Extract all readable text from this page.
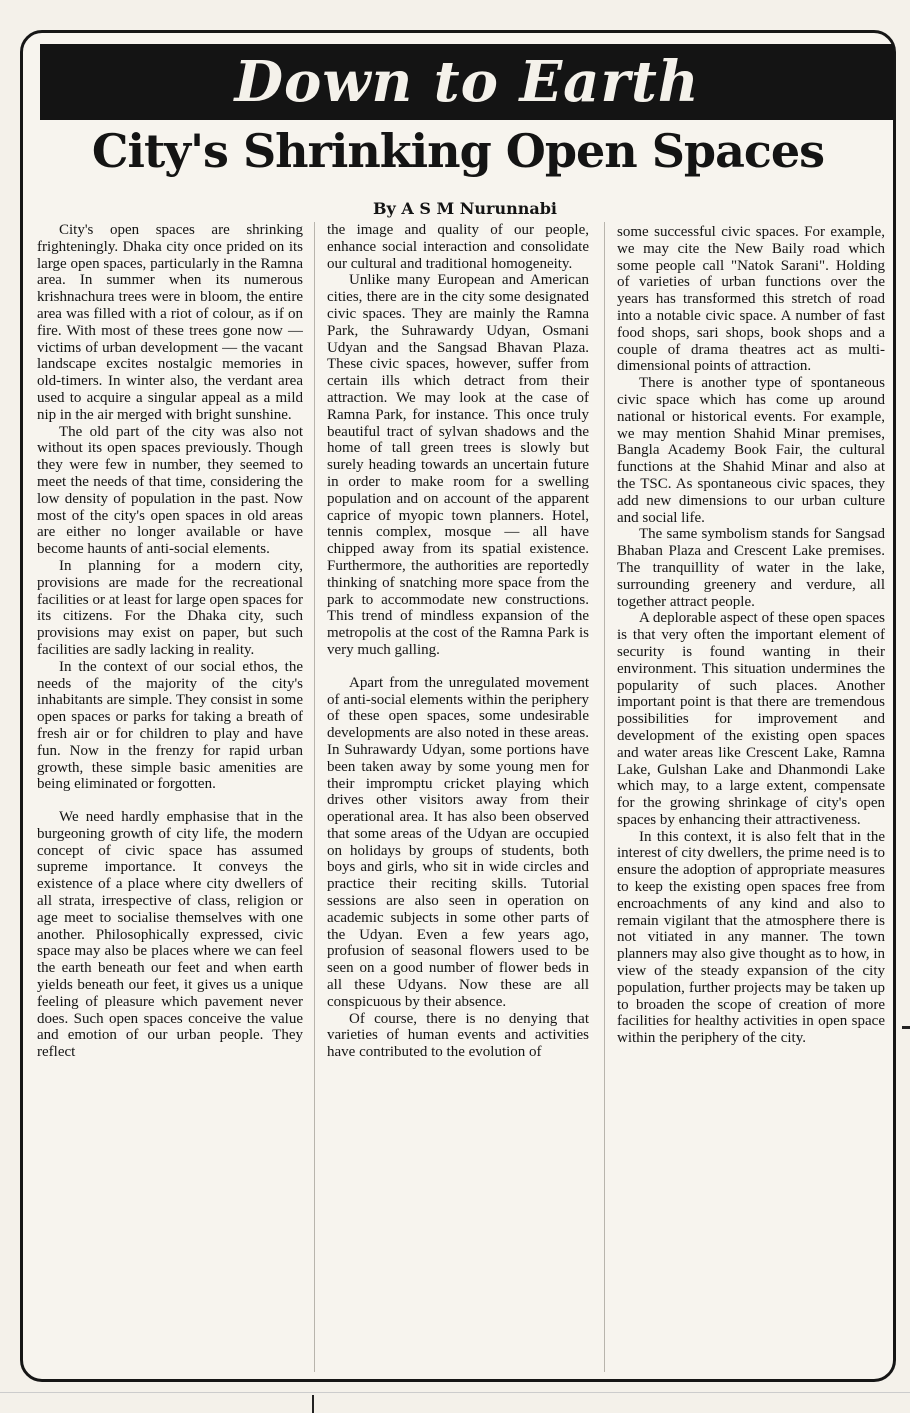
Down to Earth
City's Shrinking Open Spaces
By A S M Nurunnabi

City's open spaces are shrinking frighteningly. Dhaka city once prided on its large open spaces, particularly in the Ramna area. In summer when its numerous krishnachura trees were in bloom, the entire area was filled with a riot of colour, as if on fire. With most of these trees gone now — victims of urban development — the vacant landscape excites nostalgic memories in old-timers. In winter also, the verdant area used to acquire a singular appeal as a mild nip in the air merged with bright sunshine.

The old part of the city was also not without its open spaces previously. Though they were few in number, they seemed to meet the needs of that time, considering the low density of population in the past. Now most of the city's open spaces in old areas are either no longer available or have become haunts of anti-social elements.

In planning for a modern city, provisions are made for the recreational facilities or at least for large open spaces for its citizens. For the Dhaka city, such provisions may exist on paper, but such facilities are sadly lacking in reality.

In the context of our social ethos, the needs of the majority of the city's inhabitants are simple. They consist in some open spaces or parks for taking a breath of fresh air or for children to play and have fun. Now in the frenzy for rapid urban growth, these simple basic amenities are being eliminated or forgotten.

We need hardly emphasise that in the burgeoning growth of city life, the modern concept of civic space has assumed supreme importance. It conveys the existence of a place where city dwellers of all strata, irrespective of class, religion or age meet to socialise themselves with one another. Philosophically expressed, civic space may also be places where we can feel the earth beneath our feet and when earth yields beneath our feet, it gives us a unique feeling of pleasure which pavement never does. Such open spaces conceive the value and emotion of our urban people. They reflect

the image and quality of our people, enhance social interaction and consolidate our cultural and traditional homogeneity.

Unlike many European and American cities, there are in the city some designated civic spaces. They are mainly the Ramna Park, the Suhrawardy Udyan, Osmani Udyan and the Sangsad Bhavan Plaza. These civic spaces, however, suffer from certain ills which detract from their attraction. We may look at the case of Ramna Park, for instance. This once truly beautiful tract of sylvan shadows and the home of tall green trees is slowly but surely heading towards an uncertain future in order to make room for a swelling population and on account of the apparent caprice of myopic town planners. Hotel, tennis complex, mosque — all have chipped away from its spatial existence. Furthermore, the authorities are reportedly thinking of snatching more space from the park to accommodate new constructions. This trend of mindless expansion of the metropolis at the cost of the Ramna Park is very much galling.

Apart from the unregulated movement of anti-social elements within the periphery of these open spaces, some undesirable developments are also noted in these areas. In Suhrawardy Udyan, some portions have been taken away by some young men for their impromptu cricket playing which drives other visitors away from their operational area. It has also been observed that some areas of the Udyan are occupied on holidays by groups of students, both boys and girls, who sit in wide circles and practice their reciting skills. Tutorial sessions are also seen in operation on academic subjects in some other parts of the Udyan. Even a few years ago, profusion of seasonal flowers used to be seen on a good number of flower beds in all these Udyans. Now these are all conspicuous by their absence.

Of course, there is no denying that varieties of human events and activities have contributed to the evolution of

some successful civic spaces. For example, we may cite the New Baily road which some people call "Natok Sarani". Holding of varieties of urban functions over the years has transformed this stretch of road into a notable civic space. A number of fast food shops, sari shops, book shops and a couple of drama theatres act as multi-dimensional points of attraction.

There is another type of spontaneous civic space which has come up around national or historical events. For example, we may mention Shahid Minar premises, Bangla Academy Book Fair, the cultural functions at the Shahid Minar and also at the TSC. As spontaneous civic spaces, they add new dimensions to our urban culture and social life.

The same symbolism stands for Sangsad Bhaban Plaza and Crescent Lake premises. The tranquillity of water in the lake, surrounding greenery and verdure, all together attract people.

A deplorable aspect of these open spaces is that very often the important element of security is found wanting in their environment. This situation undermines the popularity of such places. Another important point is that there are tremendous possibilities for improvement and development of the existing open spaces and water areas like Crescent Lake, Ramna Lake, Gulshan Lake and Dhanmondi Lake which may, to a large extent, compensate for the growing shrinkage of city's open spaces by enhancing their attractiveness.

In this context, it is also felt that in the interest of city dwellers, the prime need is to ensure the adoption of appropriate measures to keep the existing open spaces free from encroachments of any kind and also to remain vigilant that the atmosphere there is not vitiated in any manner. The town planners may also give thought as to how, in view of the steady expansion of the city population, further projects may be taken up to broaden the scope of creation of more facilities for healthy activities in open space within the periphery of the city.
